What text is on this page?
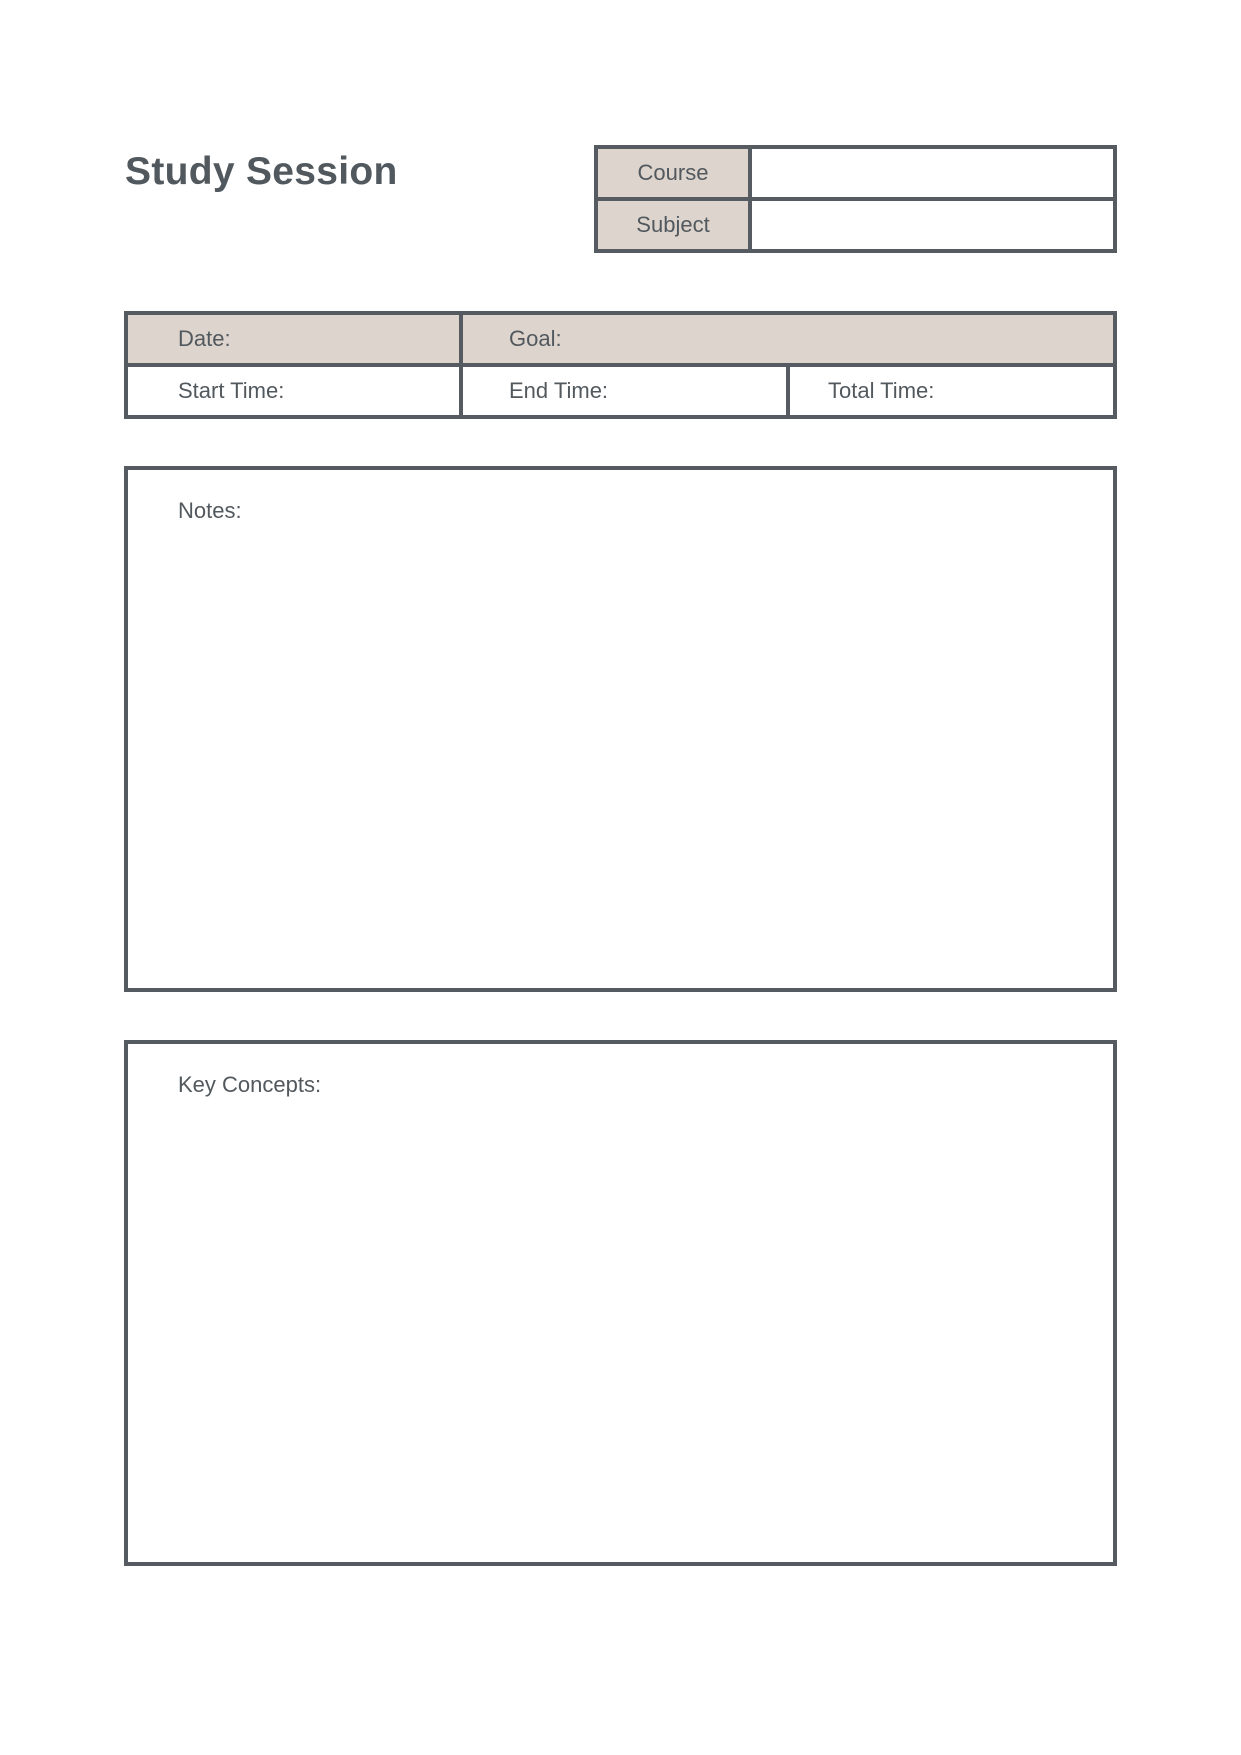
Study Session	Course
Subject
Date:	Goal:
Start Time:	End Time:	Total Time:
Notes:
Key Concepts:
